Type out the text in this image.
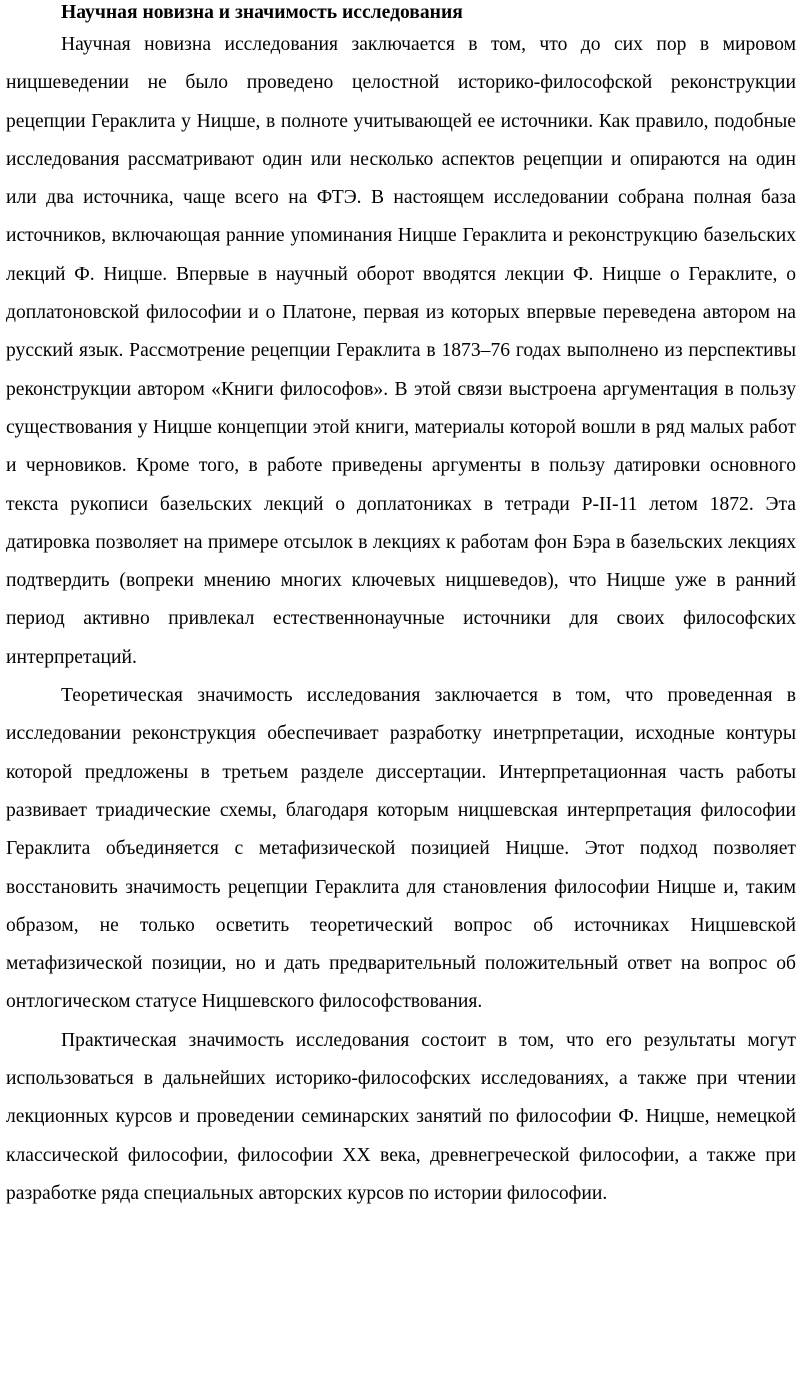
Научная новизна и значимость исследования

Научная новизна исследования заключается в том, что до сих пор в мировом ницшеведении не было проведено целостной историко-философской реконструкции рецепции Гераклита у Ницше, в полноте учитывающей ее источники. Как правило, подобные исследования рассматривают один или несколько аспектов рецепции и опираются на один или два источника, чаще всего на ФТЭ. В настоящем исследовании собрана полная база источников, включающая ранние упоминания Ницше Гераклита и реконструкцию базельских лекций Ф. Ницше. Впервые в научный оборот вводятся лекции Ф. Ницше о Гераклите, о доплатоновской философии и о Платоне, первая из которых впервые переведена автором на русский язык. Рассмотрение рецепции Гераклита в 1873–76 годах выполнено из перспективы реконструкции автором «Книги философов». В этой связи выстроена аргументация в пользу существования у Ницше концепции этой книги, материалы которой вошли в ряд малых работ и черновиков. Кроме того, в работе приведены аргументы в пользу датировки основного текста рукописи базельских лекций о доплатониках в тетради P-II-11 летом 1872. Эта датировка позволяет на примере отсылок в лекциях к работам фон Бэра в базельских лекциях подтвердить (вопреки мнению многих ключевых ницшеведов), что Ницше уже в ранний период активно привлекал естественнонаучные источники для своих философских интерпретаций.

Теоретическая значимость исследования заключается в том, что проведенная в исследовании реконструкция обеспечивает разработку инетрпретации, исходные контуры которой предложены в третьем разделе диссертации. Интерпретационная часть работы развивает триадические схемы, благодаря которым ницшевская интерпретация философии Гераклита объединяется с метафизической позицией Ницше. Этот подход позволяет восстановить значимость рецепции Гераклита для становления философии Ницше и, таким образом, не только осветить теоретический вопрос об источниках Ницшевской метафизической позиции, но и дать предварительный положительный ответ на вопрос об онтлогическом статусе Ницшевского философствования.

Практическая значимость исследования состоит в том, что его результаты могут использоваться в дальнейших историко-философских исследованиях, а также при чтении лекционных курсов и проведении семинарских занятий по философии Ф. Ницше, немецкой классической философии, философии XX века, древнегреческой философии, а также при разработке ряда специальных авторских курсов по истории философии.
